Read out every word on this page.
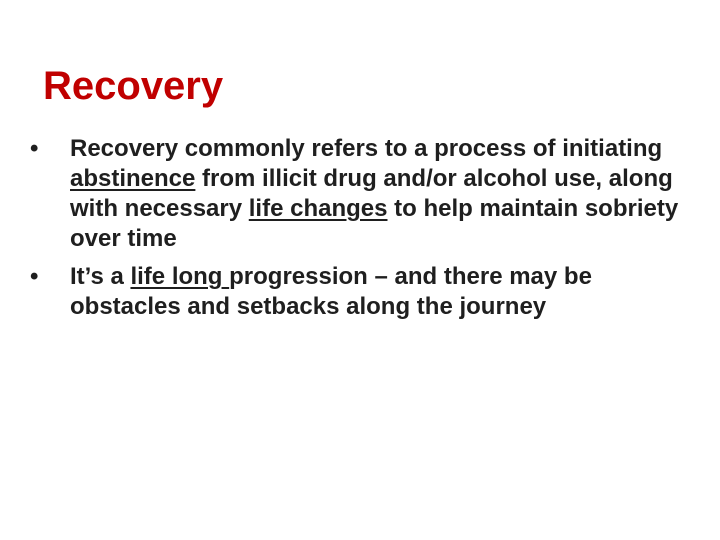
Recovery
•	Recovery commonly refers to a process of initiating abstinence from illicit drug and/or alcohol use, along with necessary life changes to help maintain sobriety over time
•	It’s a life long progression – and there may be obstacles and setbacks along the journey
